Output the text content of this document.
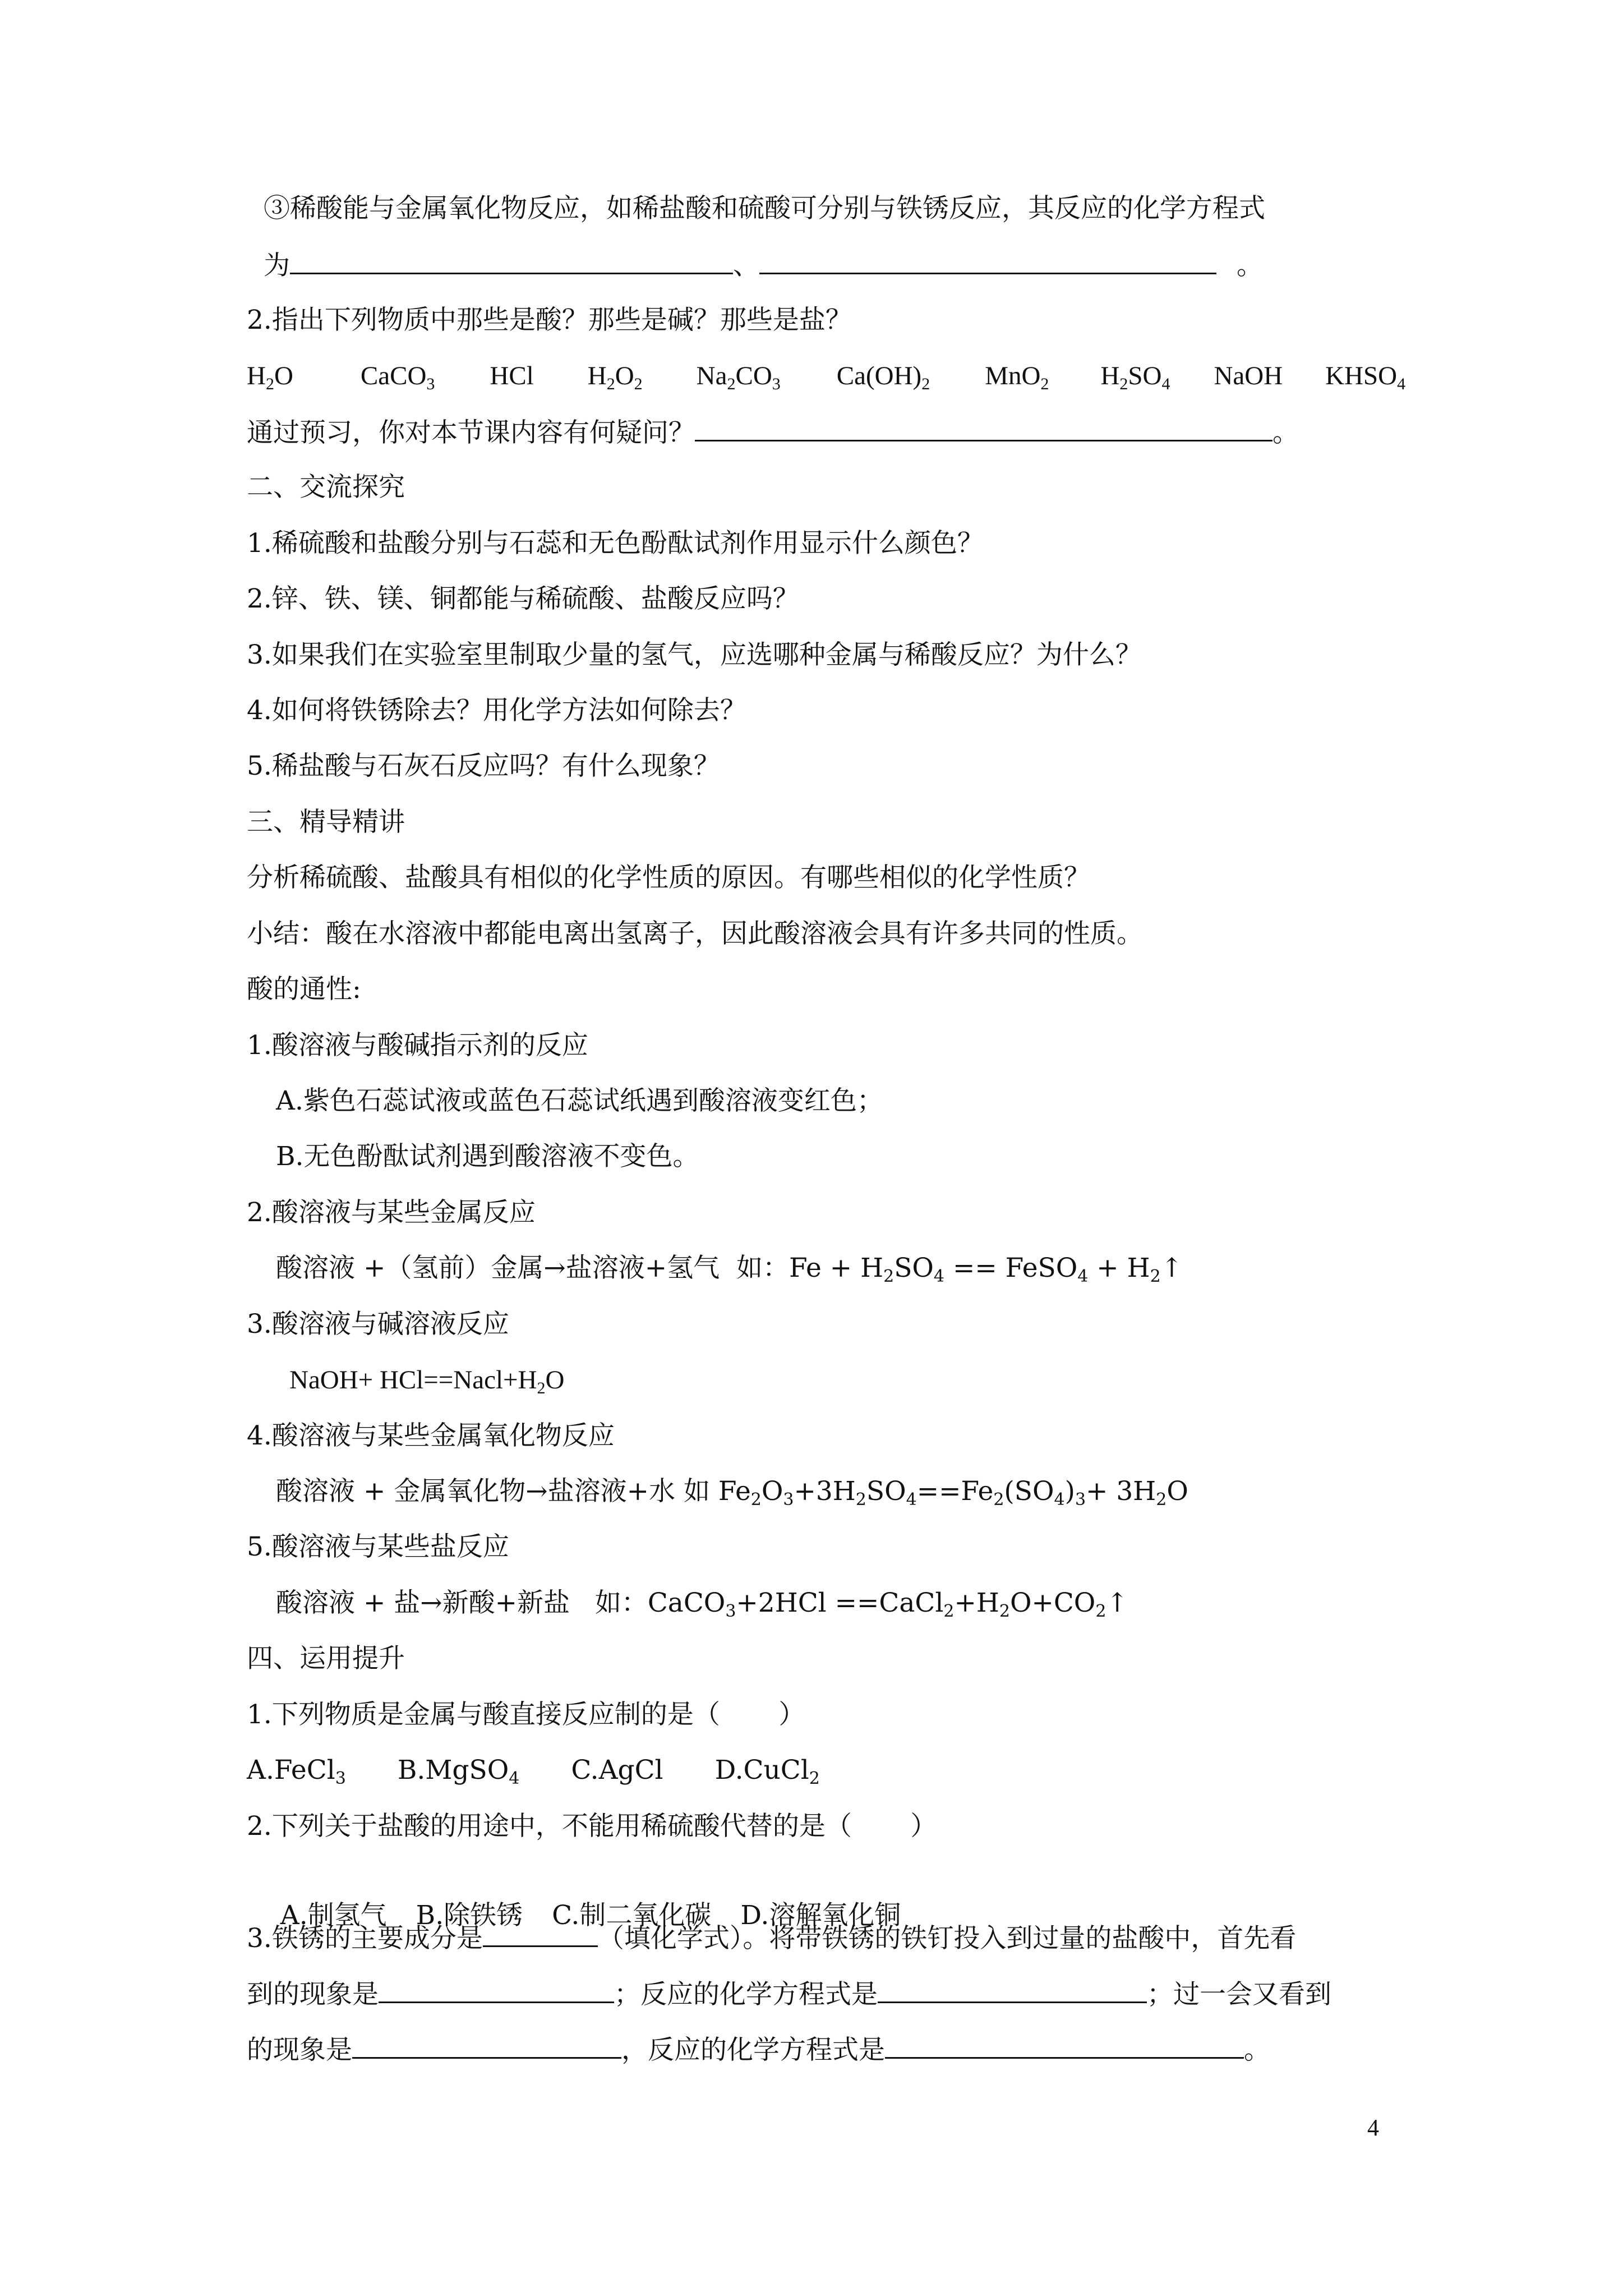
③稀酸能与金属氧化物反应，如稀盐酸和硫酸可分别与铁锈反应，其反应的化学方程式
为	、	。
2.指出下列物质中那些是酸？那些是碱？那些是盐？
$H_2O$	CaCO$_3$ HCl $H_2O_2$ $Na_2CO_3$ $Ca(OH)_2$ MnO$_2$ $H_2SO_4$ NaOH $KHSO_4$
通过预习，你对本节课内容有何疑问？	。
二、交流探究
1.稀硫酸和盐酸分别与石蕊和无色酚酞试剂作用显示什么颜色？
2.锌、铁、镁、铜都能与稀硫酸、盐酸反应吗？
3.如果我们在实验室里制取少量的氢气，应选哪种金属与稀酸反应？为什么？
4.如何将铁锈除去？用化学方法如何除去？
5.稀盐酸与石灰石反应吗？有什么现象？
三、精导精讲
分析稀硫酸、盐酸具有相似的化学性质的原因。有哪些相似的化学性质？
小结：酸在水溶液中都能电离出氢离子，因此酸溶液会具有许多共同的性质。
酸的通性:
1.酸溶液与酸碱指示剂的反应
A.紫色石蕊试液或蓝色石蕊试纸遇到酸溶液变红色；
B.无色酚酞试剂遇到酸溶液不变色。
2.酸溶液与某些金属反应
酸溶液 +（氢前）金属→盐溶液+氢气  如：$Fe + H_2SO_4$ == FeSO$_4$ + $H_2↑$
3.酸溶液与碱溶液反应
NaOH+ $HCl==Nacl+H_2O$
4.酸溶液与某些金属氧化物反应
酸溶液 + 金属氧化物→盐溶液+水 如 $Fe_2O_3+3H_2SO_4==Fe_2(SO_4)_3+ 3H_2O$
5.酸溶液与某些盐反应
酸溶液 + 盐→新酸+新盐   如：CaCO$_3$+2HCl $==CaCl_2+H_2O+CO_2↑$
四、运用提升
1.下列物质是金属与酸直接反应制的是（       ）
A.FeCl$_3$ B.MgSO$_4$ C.AgCl D.CuCl$_2$
2.下列关于盐酸的用途中，不能用稀硫酸代替的是（       ）

A.制氢气 B.除铁锈 C.制二氧化碳 D.溶解氧化铜

3.铁锈的主要成分是	（填化学式）。将带铁锈的铁钉投入到过量的盐酸中，首先看
到的现象是	；反应的化学方程式是	；过一会又看到
的现象是	，反应的化学方程式是	。
4
